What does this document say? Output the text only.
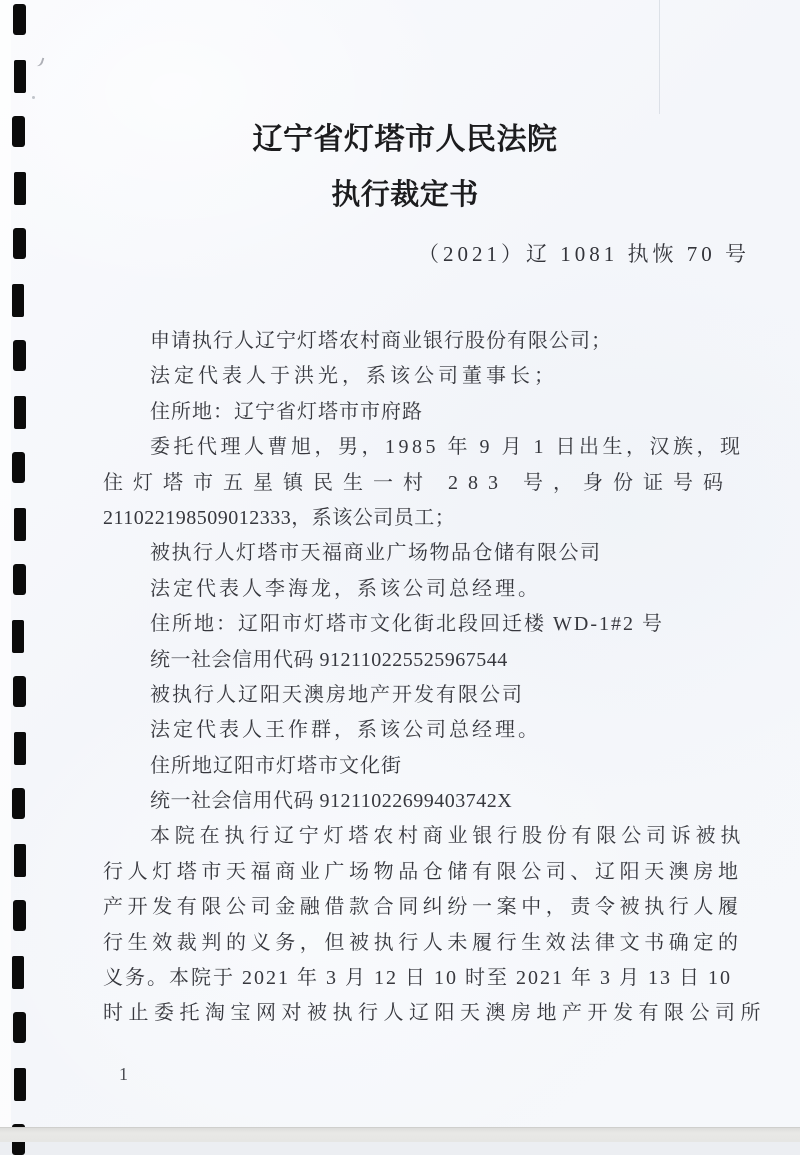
辽宁省灯塔市人民法院
执行裁定书
（2021）辽 1081 执恢 70 号
申请执行人辽宁灯塔农村商业银行股份有限公司；
法定代表人于洪光，系该公司董事长；
住所地：辽宁省灯塔市市府路
委托代理人曹旭，男，1985 年 9 月 1 日出生，汉族，现
住灯塔市五星镇民生一村 283 号，身份证号码
211022198509012333，系该公司员工；
被执行人灯塔市天福商业广场物品仓储有限公司
法定代表人李海龙，系该公司总经理。
住所地：辽阳市灯塔市文化街北段回迁楼 WD-1#2 号
统一社会信用代码 912110225525967544
被执行人辽阳天澳房地产开发有限公司
法定代表人王作群，系该公司总经理。
住所地辽阳市灯塔市文化街
统一社会信用代码 91211022699403742X
本院在执行辽宁灯塔农村商业银行股份有限公司诉被执
行人灯塔市天福商业广场物品仓储有限公司、辽阳天澳房地
产开发有限公司金融借款合同纠纷一案中，责令被执行人履
行生效裁判的义务，但被执行人未履行生效法律文书确定的
义务。本院于 2021 年 3 月 12 日 10 时至 2021 年 3 月 13 日 10
时止委托淘宝网对被执行人辽阳天澳房地产开发有限公司所
1
